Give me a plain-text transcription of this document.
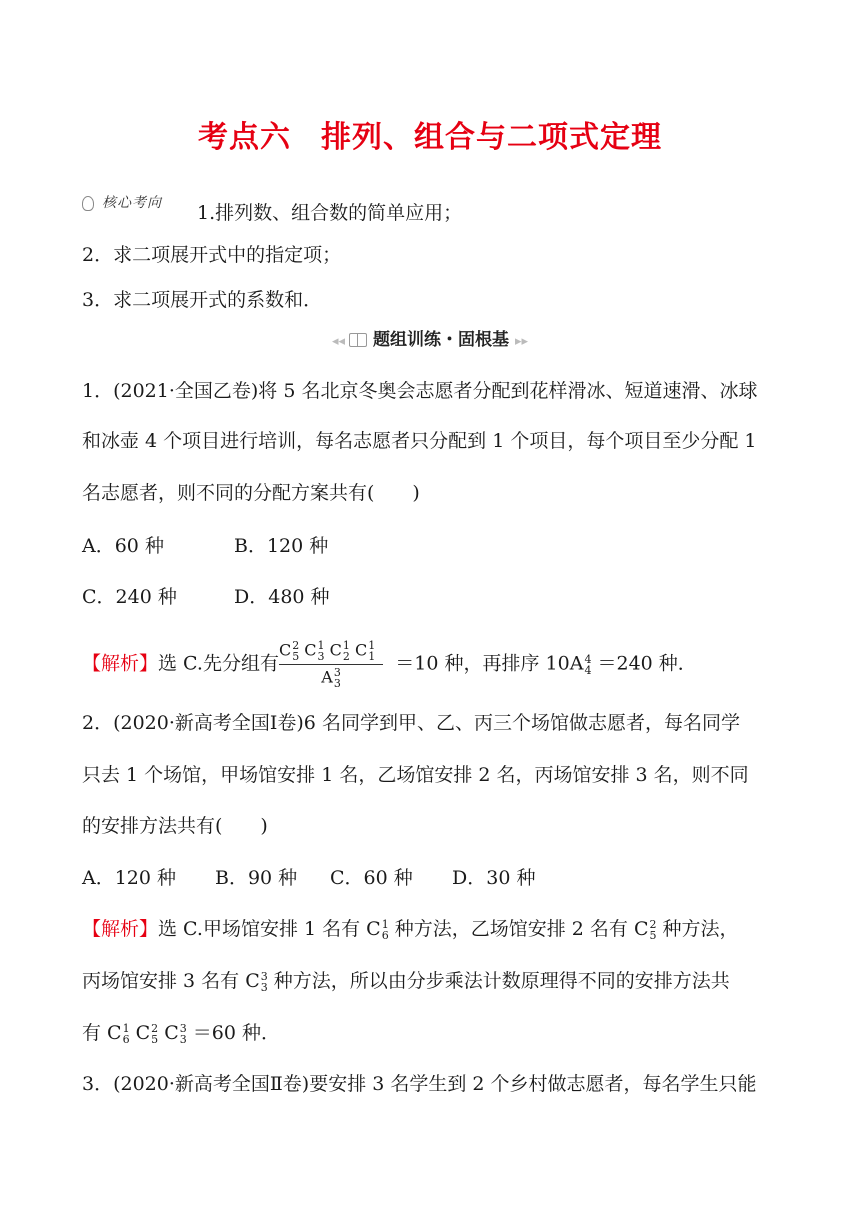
考点六 排列、组合与二项式定理
核心考向 1.排列数、组合数的简单应用；
2．求二项展开式中的指定项；
3．求二项展开式的系数和．
◂◂ 题组训练・固根基 ▸▸
1．(2021·全国乙卷)将 5 名北京冬奥会志愿者分配到花样滑冰、短道速滑、冰球
和冰壶 4 个项目进行培训，每名志愿者只分配到 1 个项目，每个项目至少分配 1
名志愿者，则不同的分配方案共有(　　)
A．60 种	B．120 种
C．240 种	D．480 种
【解析】选 C.先分组有 C 2
5 C 1
3 C 1
2 C 1
1
A 3
3 ＝10 种，再排序 10A 4
4 ＝240 种．
2．(2020·新高考全国Ⅰ卷)6 名同学到甲、乙、丙三个场馆做志愿者，每名同学
只去 1 个场馆，甲场馆安排 1 名，乙场馆安排 2 名，丙场馆安排 3 名，则不同
的安排方法共有(　　)
A．120 种 B．90 种 C．60 种 D．30 种
【解析】选 C.甲场馆安排 1 名有 C 1
6 种方法，乙场馆安排 2 名有 C 2
5 种方法，
丙场馆安排 3 名有 C 3
3 种方法，所以由分步乘法计数原理得不同的安排方法共
有 C 1
6 C 2
5 C 3
3 ＝60 种．
3．(2020·新高考全国Ⅱ卷)要安排 3 名学生到 2 个乡村做志愿者，每名学生只能
